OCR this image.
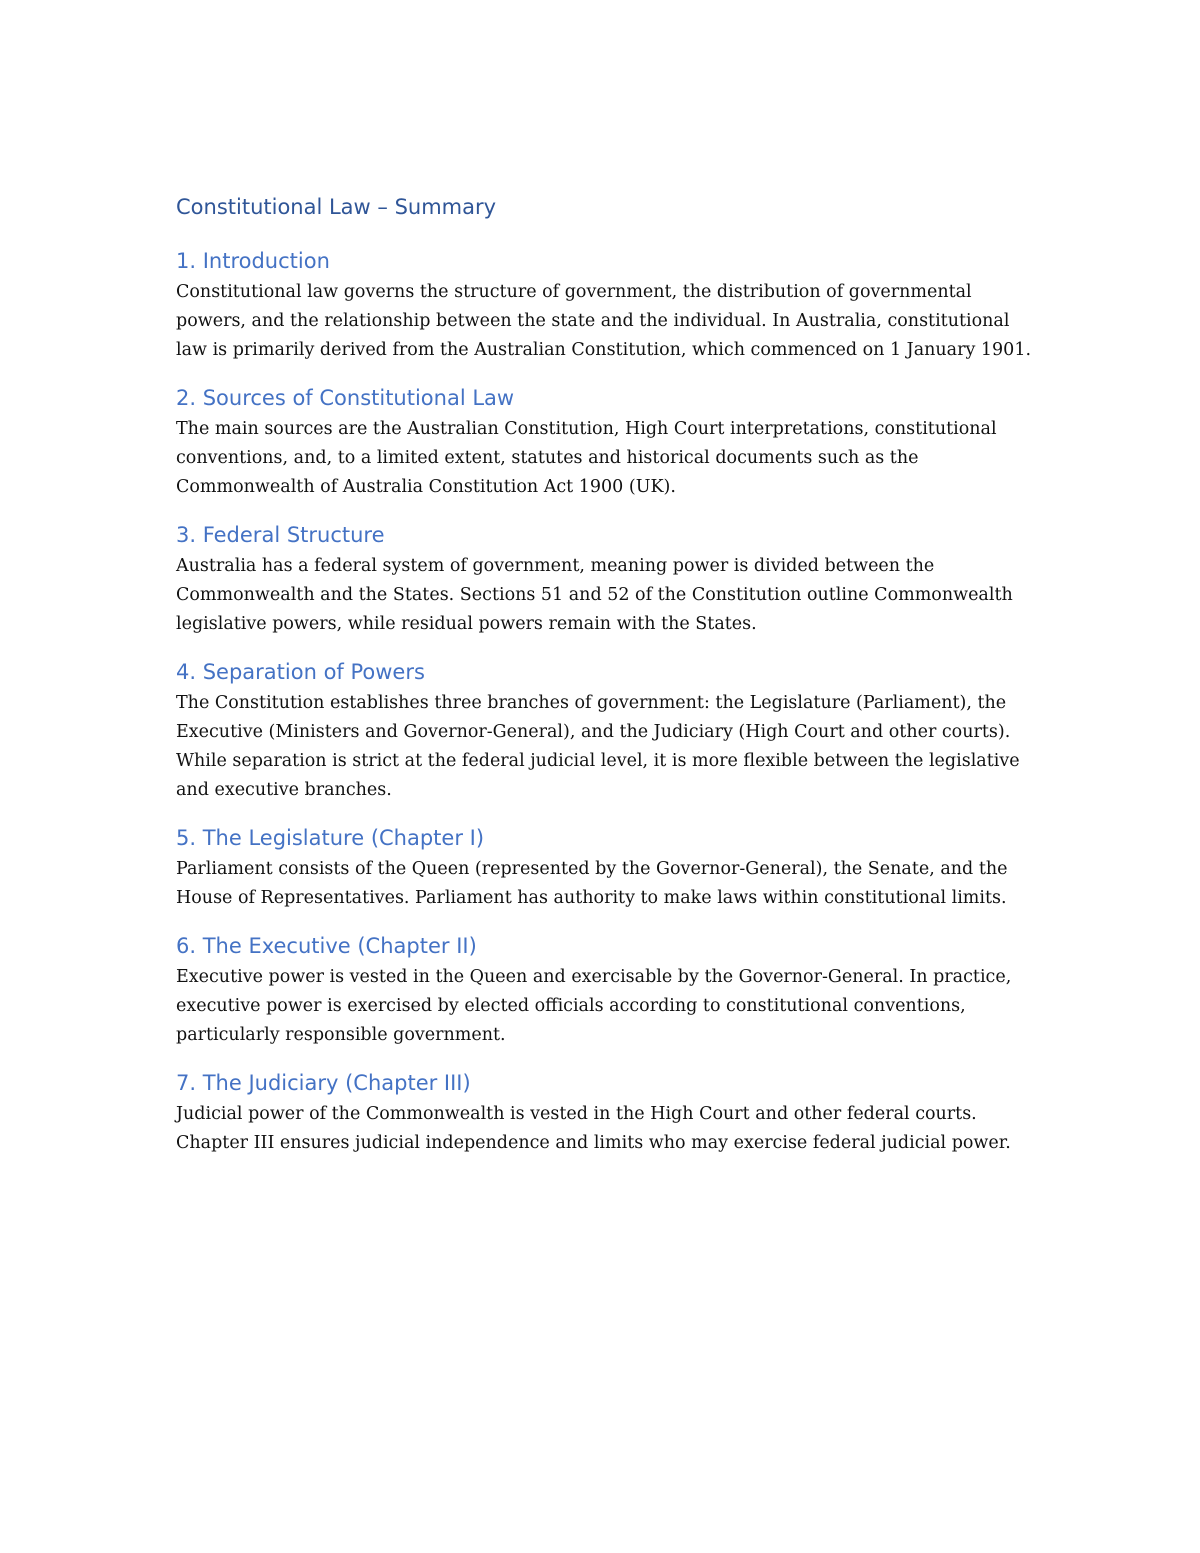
Constitutional Law – Summary
1. Introduction

Constitutional law governs the structure of government, the distribution of governmental powers, and the relationship between the state and the individual. In Australia, constitutional law is primarily derived from the Australian Constitution, which commenced on 1 January 1901.

2. Sources of Constitutional Law

The main sources are the Australian Constitution, High Court interpretations, constitutional conventions, and, to a limited extent, statutes and historical documents such as the Commonwealth of Australia Constitution Act 1900 (UK).

3. Federal Structure

Australia has a federal system of government, meaning power is divided between the Commonwealth and the States. Sections 51 and 52 of the Constitution outline Commonwealth legislative powers, while residual powers remain with the States.

4. Separation of Powers

The Constitution establishes three branches of government: the Legislature (Parliament), the Executive (Ministers and Governor-General), and the Judiciary (High Court and other courts). While separation is strict at the federal judicial level, it is more flexible between the legislative and executive branches.

5. The Legislature (Chapter I)

Parliament consists of the Queen (represented by the Governor-General), the Senate, and the House of Representatives. Parliament has authority to make laws within constitutional limits.

6. The Executive (Chapter II)

Executive power is vested in the Queen and exercisable by the Governor-General. In practice, executive power is exercised by elected officials according to constitutional conventions, particularly responsible government.

7. The Judiciary (Chapter III)

Judicial power of the Commonwealth is vested in the High Court and other federal courts. Chapter III ensures judicial independence and limits who may exercise federal judicial power.
